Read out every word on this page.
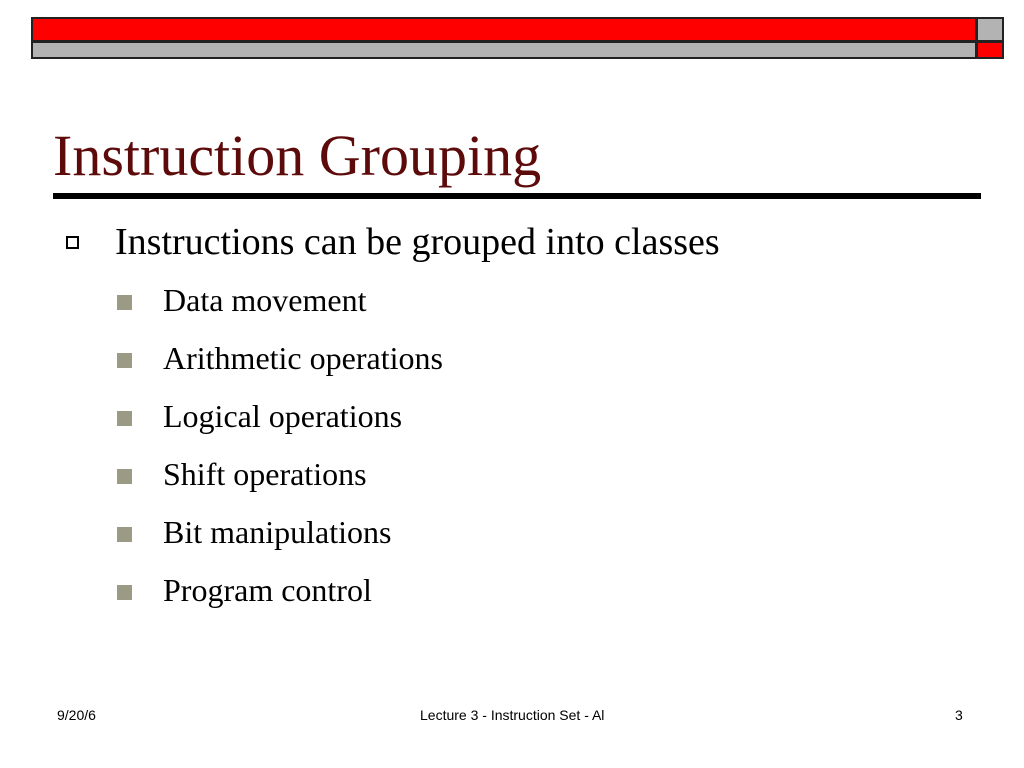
Instruction Grouping
Instructions can be grouped into classes
Data movement
Arithmetic operations
Logical operations
Shift operations
Bit manipulations
Program control
9/20/6	Lecture 3 - Instruction Set - Al	3
